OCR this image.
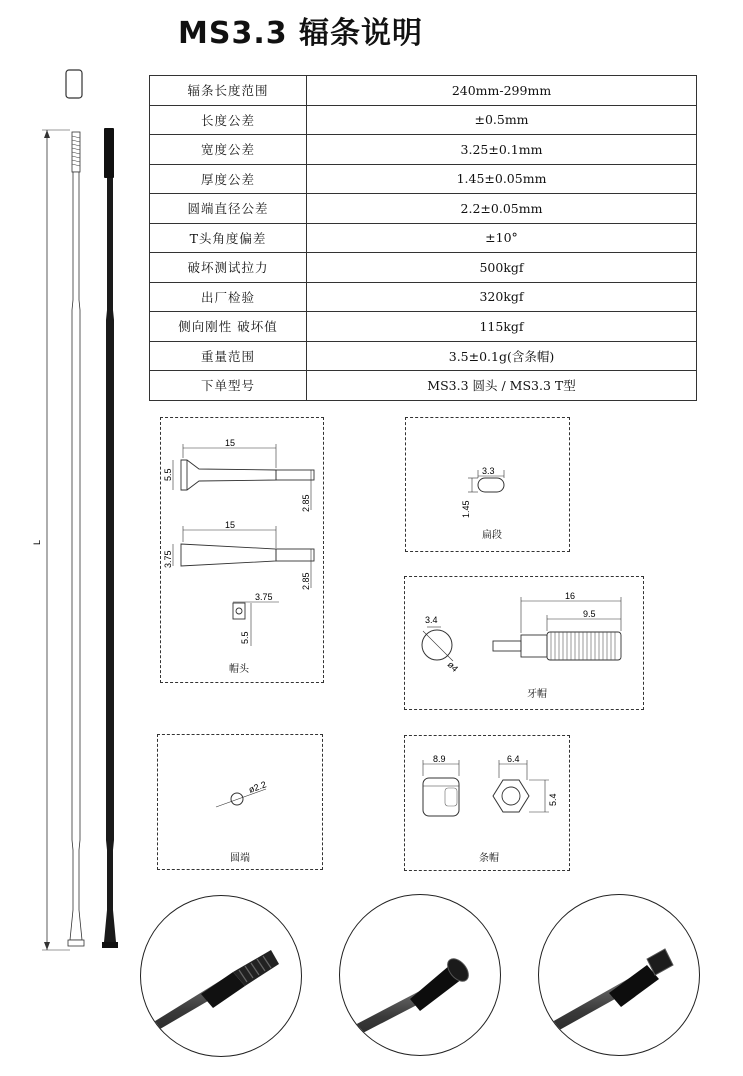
MS3.3 辐条说明
L
辐条长度范围	240mm-299mm
长度公差	±0.5mm
宽度公差	3.25±0.1mm
厚度公差	1.45±0.05mm
圆端直径公差	2.2±0.05mm
T头角度偏差	±10°
破坏测试拉力	500kgf
出厂检验	320kgf
侧向刚性 破坏值	115kgf
重量范围	3.5±0.1g(含条帽)
下单型号	MS3.3 圆头 / MS3.3 T型
15
5.5
2.85
15
3.75
2.85
3.75
5.5
帽头
3.3
1.45
扁段
3.4
ø4
16
9.5
牙帽
ø2.2
圆端
8.9	6.4
5.4
条帽
